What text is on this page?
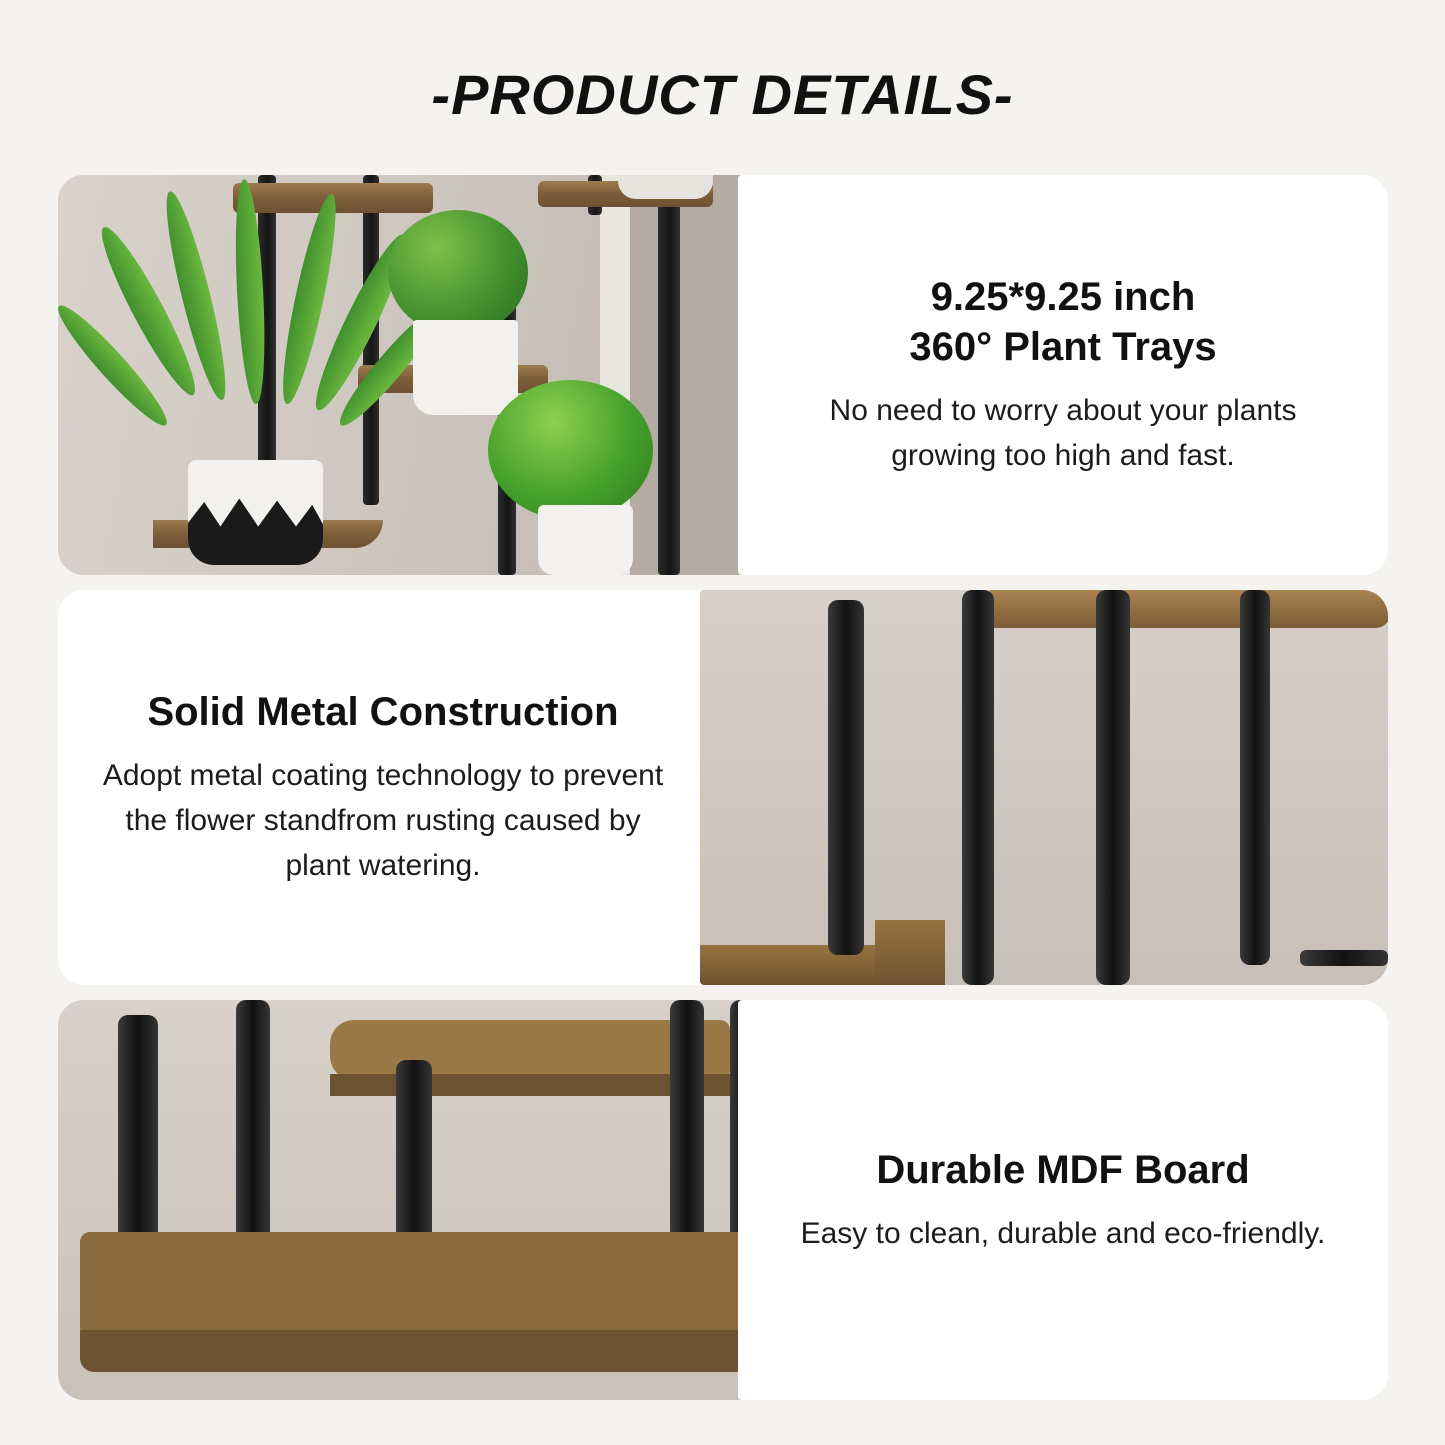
-PRODUCT DETAILS-
9.25*9.25 inch
360° Plant Trays
No need to worry about your plants growing too high and fast.
Solid Metal Construction
Adopt metal coating technology to prevent the flower standfrom rusting caused by plant watering.
Durable MDF Board
Easy to clean, durable and eco-friendly.
